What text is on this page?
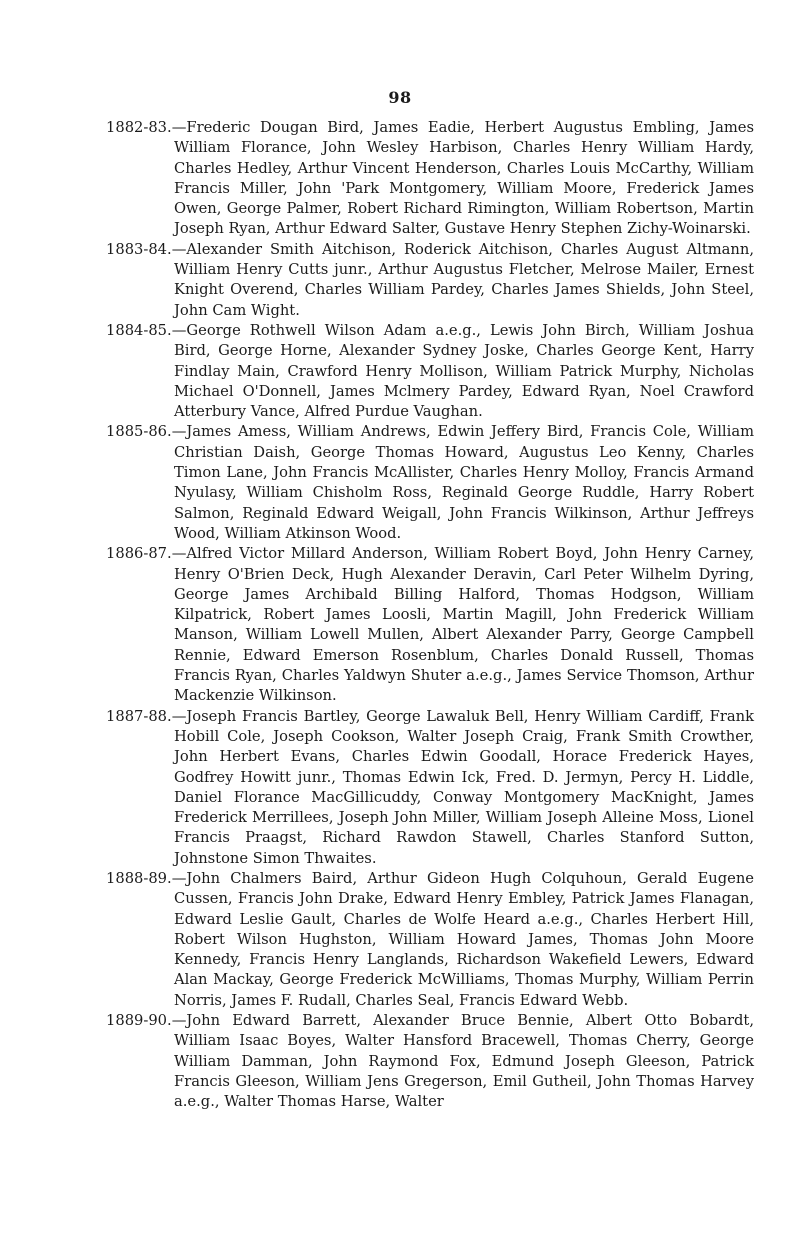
98

1882-83.—Frederic Dougan Bird, James Eadie, Herbert Augustus Embling, James William Florance, John Wesley Harbison, Charles Henry William Hardy, Charles Hedley, Arthur Vincent Henderson, Charles Louis McCarthy, William Francis Miller, John 'Park Montgomery, William Moore, Frederick James Owen, George Palmer, Robert Richard Rimington, William Robertson, Martin Joseph Ryan, Arthur Edward Salter, Gustave Henry Stephen Zichy-Woinarski.

1883-84.—Alexander Smith Aitchison, Roderick Aitchison, Charles August Altmann, William Henry Cutts junr., Arthur Augustus Fletcher, Melrose Mailer, Ernest Knight Overend, Charles William Pardey, Charles James Shields, John Steel, John Cam Wight.

1884-85.—George Rothwell Wilson Adam a.e.g., Lewis John Birch, William Joshua Bird, George Horne, Alexander Sydney Joske, Charles George Kent, Harry Findlay Main, Crawford Henry Mollison, William Patrick Murphy, Nicholas Michael O'Donnell, James Mclmery Pardey, Edward Ryan, Noel Crawford Atterbury Vance, Alfred Purdue Vaughan.

1885-86.—James Amess, William Andrews, Edwin Jeffery Bird, Francis Cole, William Christian Daish, George Thomas Howard, Augustus Leo Kenny, Charles Timon Lane, John Francis McAllister, Charles Henry Molloy, Francis Armand Nyulasy, William Chisholm Ross, Reginald George Ruddle, Harry Robert Salmon, Reginald Edward Weigall, John Francis Wilkinson, Arthur Jeffreys Wood, William Atkinson Wood.

1886-87.—Alfred Victor Millard Anderson, William Robert Boyd, John Henry Carney, Henry O'Brien Deck, Hugh Alexander Deravin, Carl Peter Wilhelm Dyring, George James Archibald Billing Halford, Thomas Hodgson, William Kilpatrick, Robert James Loosli, Martin Magill, John Frederick William Manson, William Lowell Mullen, Albert Alexander Parry, George Campbell Rennie, Edward Emerson Rosenblum, Charles Donald Russell, Thomas Francis Ryan, Charles Yaldwyn Shuter a.e.g., James Service Thomson, Arthur Mackenzie Wilkinson.

1887-88.—Joseph Francis Bartley, George Lawaluk Bell, Henry William Cardiff, Frank Hobill Cole, Joseph Cookson, Walter Joseph Craig, Frank Smith Crowther, John Herbert Evans, Charles Edwin Goodall, Horace Frederick Hayes, Godfrey Howitt junr., Thomas Edwin Ick, Fred. D. Jermyn, Percy H. Liddle, Daniel Florance MacGillicuddy, Conway Montgomery MacKnight, James Frederick Merrillees, Joseph John Miller, William Joseph Alleine Moss, Lionel Francis Praagst, Richard Rawdon Stawell, Charles Stanford Sutton, Johnstone Simon Thwaites.

1888-89.—John Chalmers Baird, Arthur Gideon Hugh Colquhoun, Gerald Eugene Cussen, Francis John Drake, Edward Henry Embley, Patrick James Flanagan, Edward Leslie Gault, Charles de Wolfe Heard a.e.g., Charles Herbert Hill, Robert Wilson Hughston, William Howard James, Thomas John Moore Kennedy, Francis Henry Langlands, Richardson Wakefield Lewers, Edward Alan Mackay, George Frederick McWilliams, Thomas Murphy, William Perrin Norris, James F. Rudall, Charles Seal, Francis Edward Webb.

1889-90.—John Edward Barrett, Alexander Bruce Bennie, Albert Otto Bobardt, William Isaac Boyes, Walter Hansford Bracewell, Thomas Cherry, George William Damman, John Raymond Fox, Edmund Joseph Gleeson, Patrick Francis Gleeson, William Jens Gregerson, Emil Gutheil, John Thomas Harvey a.e.g., Walter Thomas Harse, Walter
